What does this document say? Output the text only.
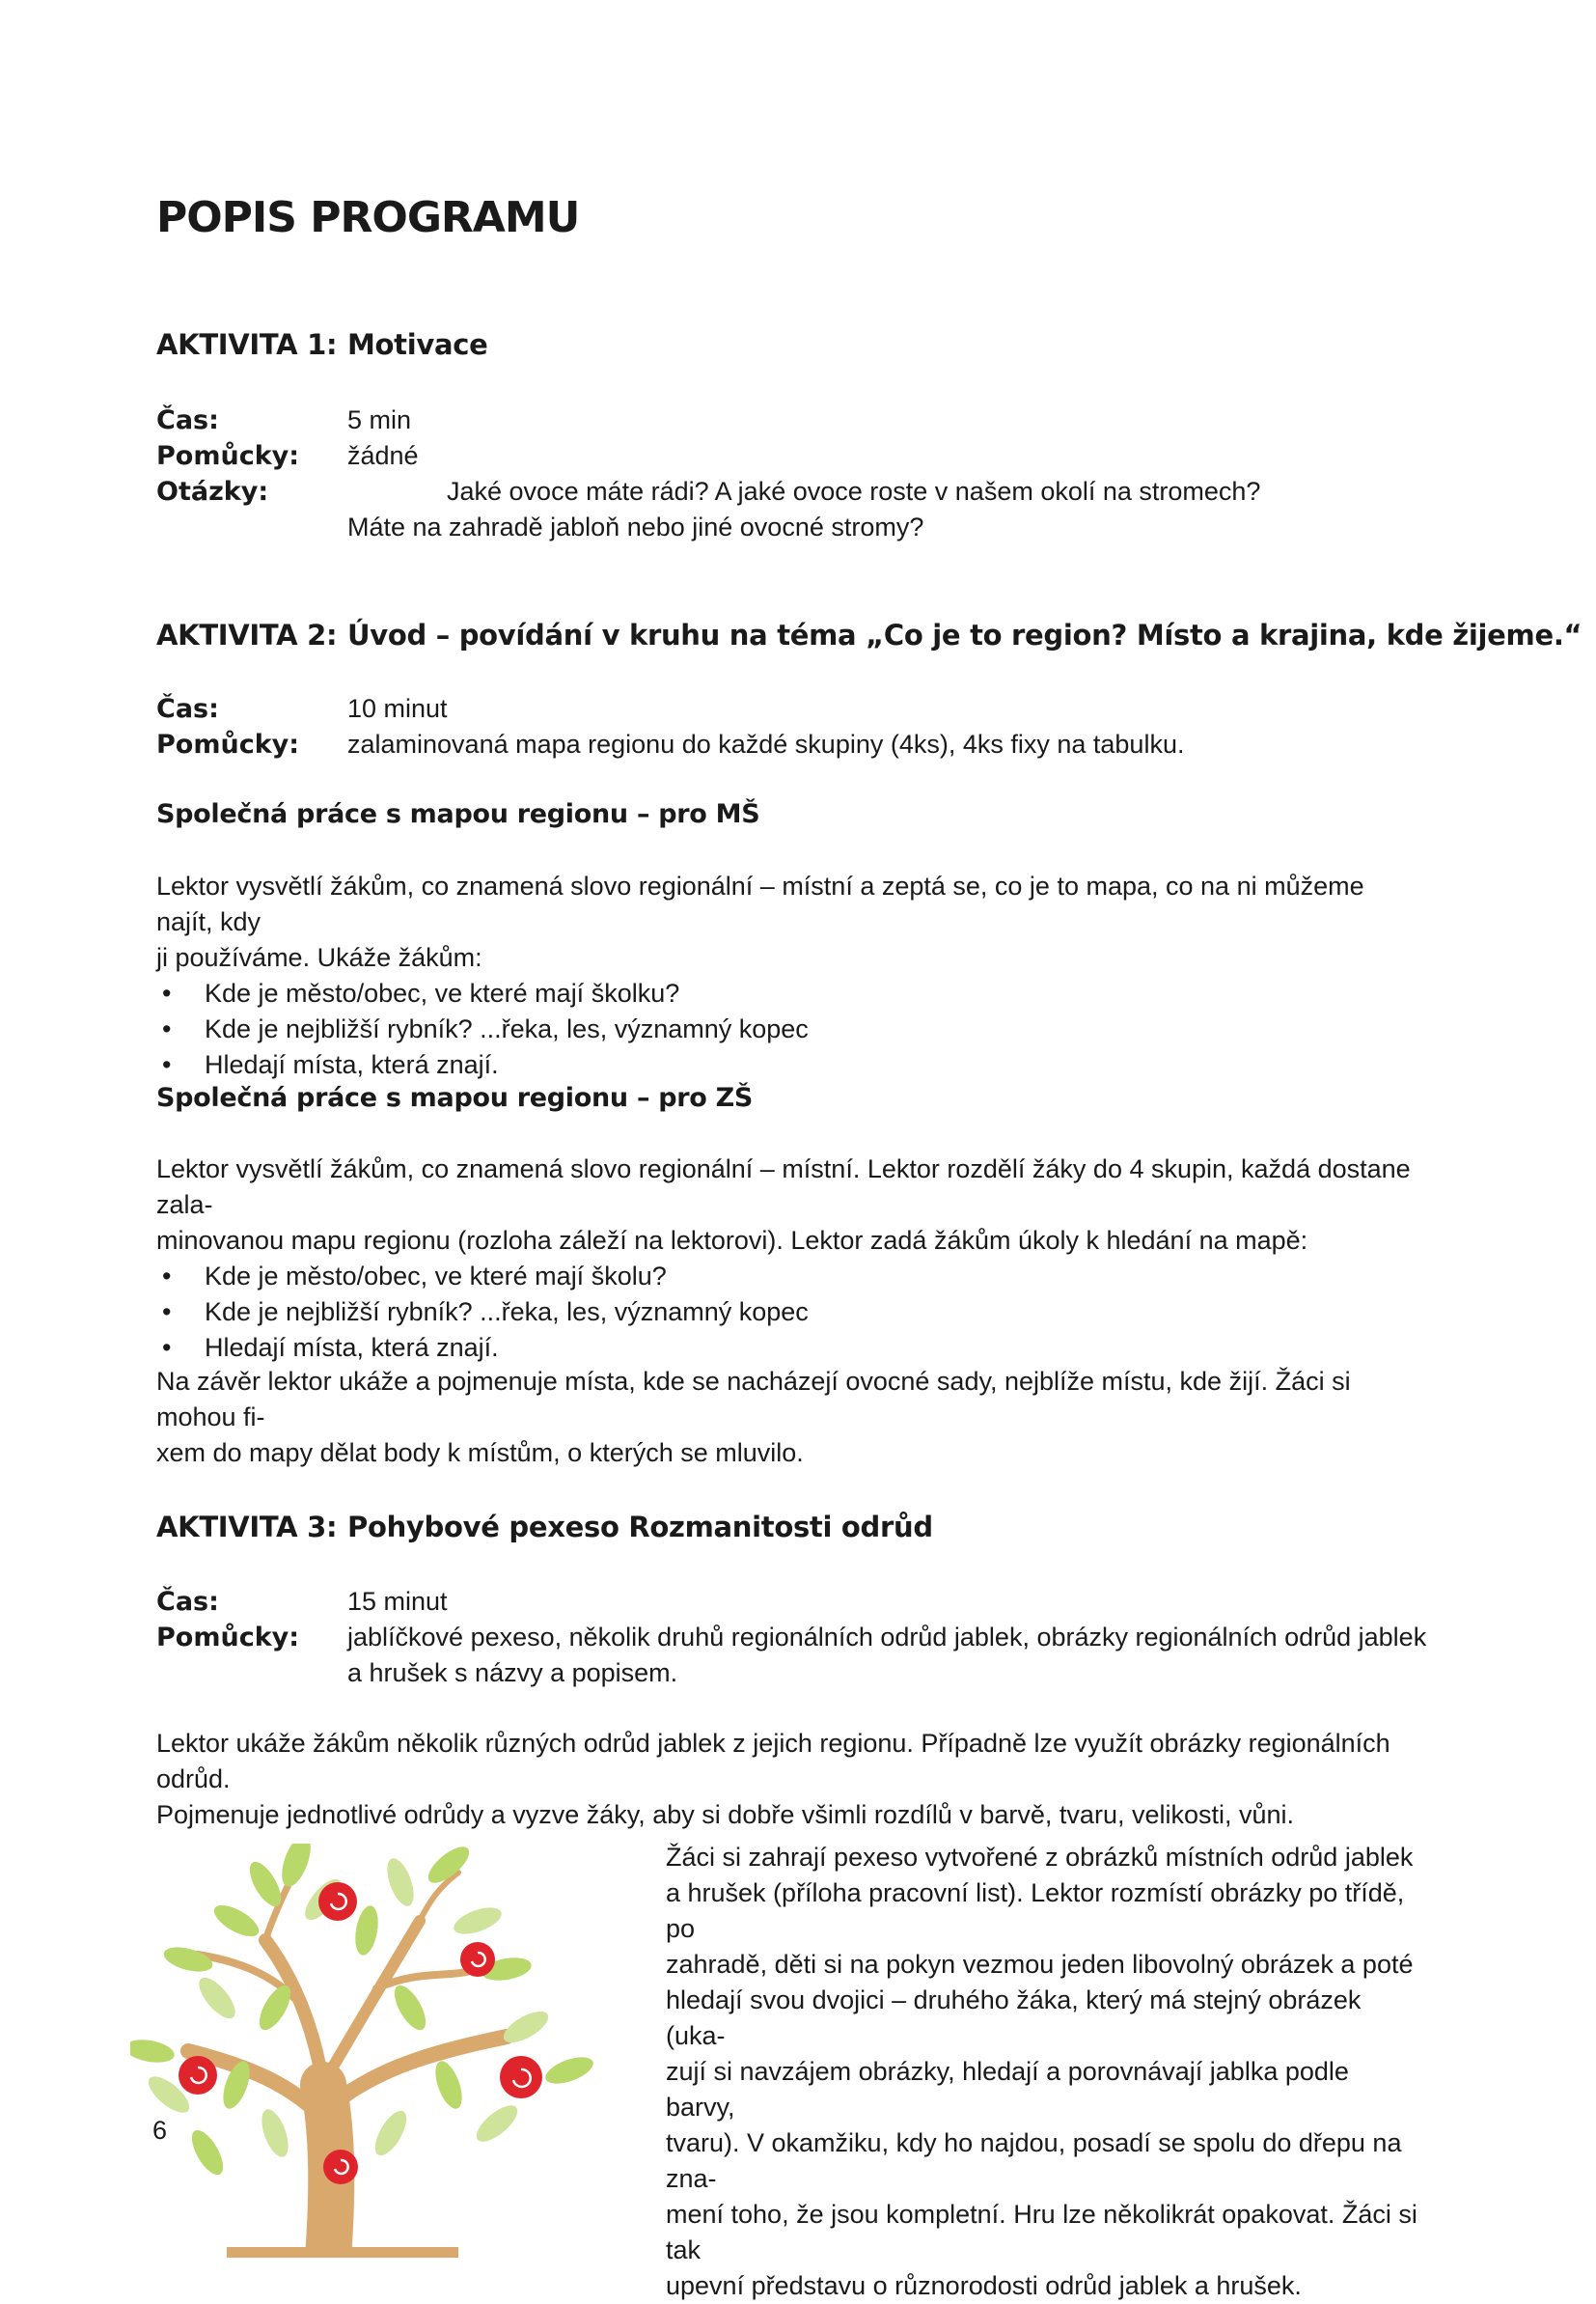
POPIS PROGRAMU
AKTIVITA 1: Motivace
Čas:	5 min
Pomůcky: žádné
Otázky:	Jaké ovoce máte rádi? A jaké ovoce roste v našem okolí na stromech?
Máte na zahradě jabloň nebo jiné ovocné stromy?
AKTIVITA 2: Úvod – povídání v kruhu na téma „Co je to region? Místo a krajina, kde žijeme.“
Čas:	10 minut
Pomůcky: zalaminovaná mapa regionu do každé skupiny (4ks), 4ks fixy na tabulku.
Společná práce s mapou regionu – pro MŠ

Lektor vysvětlí žákům, co znamená slovo regionální – místní a zeptá se, co je to mapa, co na ni můžeme najít, kdy

ji používáme. Ukáže žákům:

• Kde je město/obec, ve které mají školku?
• Kde je nejbližší rybník? ...řeka, les, významný kopec
• Hledají místa, která znají.
Společná práce s mapou regionu – pro ZŠ

Lektor vysvětlí žákům, co znamená slovo regionální – místní. Lektor rozdělí žáky do 4 skupin, každá dostane zala-

minovanou mapu regionu (rozloha záleží na lektorovi). Lektor zadá žákům úkoly k hledání na mapě:

• Kde je město/obec, ve které mají školu?
• Kde je nejbližší rybník? ...řeka, les, významný kopec
• Hledají místa, která znají.

Na závěr lektor ukáže a pojmenuje místa, kde se nacházejí ovocné sady, nejblíže místu, kde žijí. Žáci si mohou fi-

xem do mapy dělat body k místům, o kterých se mluvilo.

AKTIVITA 3: Pohybové pexeso Rozmanitosti odrůd
Čas:	15 minut
Pomůcky: jablíčkové pexeso, několik druhů regionálních odrůd jablek, obrázky regionálních odrůd jablek
a hrušek s názvy a popisem.

Lektor ukáže žákům několik různých odrůd jablek z jejich regionu. Případně lze využít obrázky regionálních odrůd.

Pojmenuje jednotlivé odrůdy a vyzve žáky, aby si dobře všimli rozdílů v barvě, tvaru, velikosti, vůni.

Žáci si zahrají pexeso vytvořené z obrázků místních odrůd jablek

a hrušek (příloha pracovní list). Lektor rozmístí obrázky po třídě, po

zahradě, děti si na pokyn vezmou jeden libovolný obrázek a poté

hledají svou dvojici – druhého žáka, který má stejný obrázek (uka-

zují si navzájem obrázky, hledají a porovnávají jablka podle barvy,

tvaru). V okamžiku, kdy ho najdou, posadí se spolu do dřepu na zna-

mení toho, že jsou kompletní. Hru lze několikrát opakovat. Žáci si tak

upevní představu o různorodosti odrůd jablek a hrušek.

6
